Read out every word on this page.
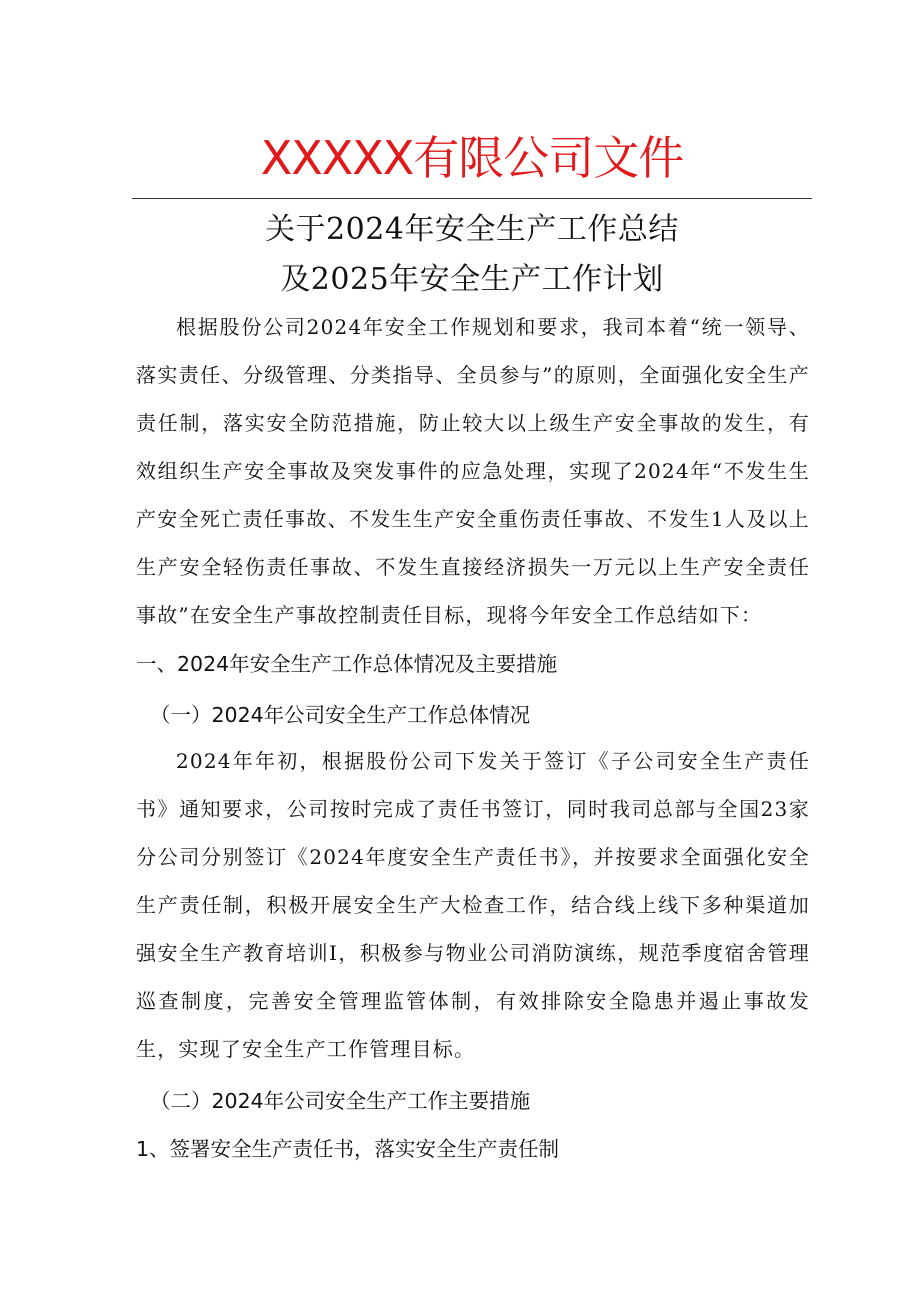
XXXXX有限公司文件
关于2024年安全生产工作总结
及2025年安全生产工作计划

根据股份公司2024年安全工作规划和要求，我司本着“统一领导、落实责任、分级管理、分类指导、全员参与”的原则，全面强化安全生产责任制，落实安全防范措施，防止较大以上级生产安全事故的发生，有效组织生产安全事故及突发事件的应急处理，实现了2024年“不发生生产安全死亡责任事故、不发生生产安全重伤责任事故、不发生1人及以上生产安全轻伤责任事故、不发生直接经济损失一万元以上生产安全责任事故”在安全生产事故控制责任目标，现将今年安全工作总结如下：

一、2024年安全生产工作总体情况及主要措施
（一）2024年公司安全生产工作总体情况

2024年年初，根据股份公司下发关于签订《子公司安全生产责任书》通知要求，公司按时完成了责任书签订，同时我司总部与全国23家分公司分别签订《2024年度安全生产责任书》，并按要求全面强化安全生产责任制，积极开展安全生产大检查工作，结合线上线下多种渠道加强安全生产教育培训I，积极参与物业公司消防演练，规范季度宿舍管理巡查制度，完善安全管理监管体制，有效排除安全隐患并遏止事故发生，实现了安全生产工作管理目标。

（二）2024年公司安全生产工作主要措施
1、签署安全生产责任书，落实安全生产责任制
